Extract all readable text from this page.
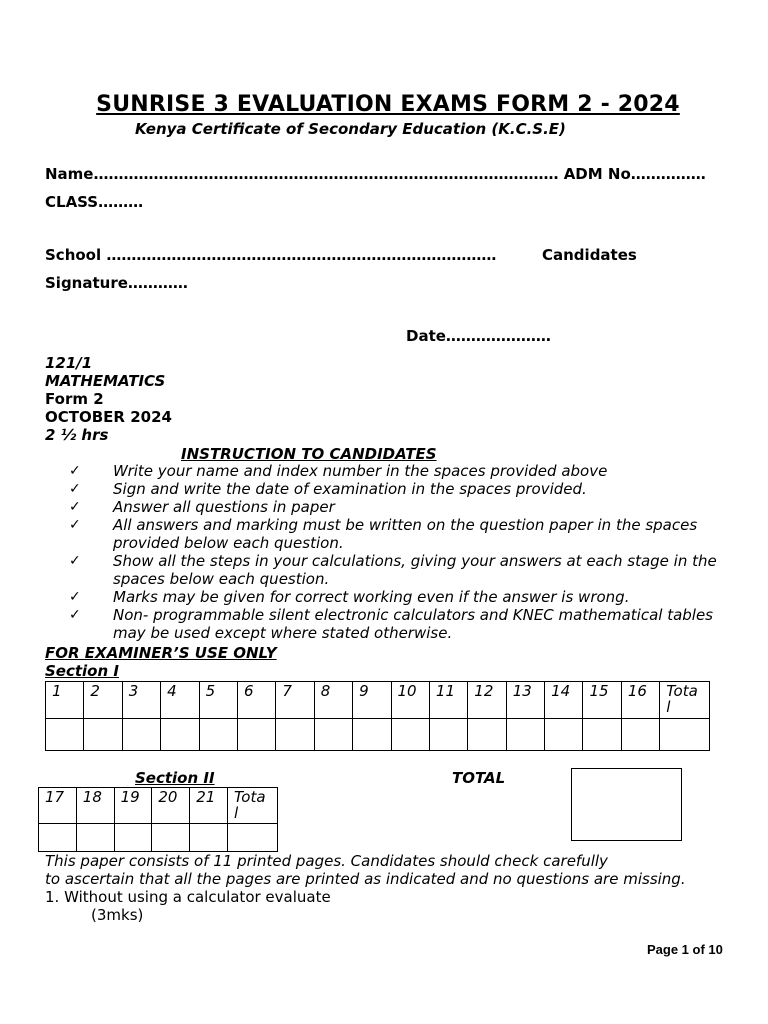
SUNRISE 3 EVALUATION EXAMS FORM 2 - 2024
Kenya Certificate of Secondary Education (K.C.S.E)
Name………………………………………………………………………………… ADM No……………
CLASS………
School ……………………………………………………………………	Candidates
Signature…………
Date…………………
121/1
MATHEMATICS
Form 2
OCTOBER 2024
2 ½ hrs
INSTRUCTION TO CANDIDATES
✓ Write your name and index number in the spaces provided above
✓ Sign and write the date of examination in the spaces provided.
✓ Answer all questions in paper
✓ All answers and marking must be written on the question paper in the spaces
provided below each question.
✓ Show all the steps in your calculations, giving your answers at each stage in the
spaces below each question.
✓ Marks may be given for correct working even if the answer is wrong.
✓ Non- programmable silent electronic calculators and KNEC mathematical tables
may be used except where stated otherwise.
FOR EXAMINER’S USE ONLY
Section I
1	2	3	4	5	6	7	8	9	10	11	12	13	14	15	16	Tota
l

Section II	TOTAL
17	18	19	20	21	Tota
l

This paper consists of 11 printed pages. Candidates should check carefully
to ascertain that all the pages are printed as indicated and no questions are missing.
1. Without using a calculator evaluate
(3mks)
Page 1 of 10
